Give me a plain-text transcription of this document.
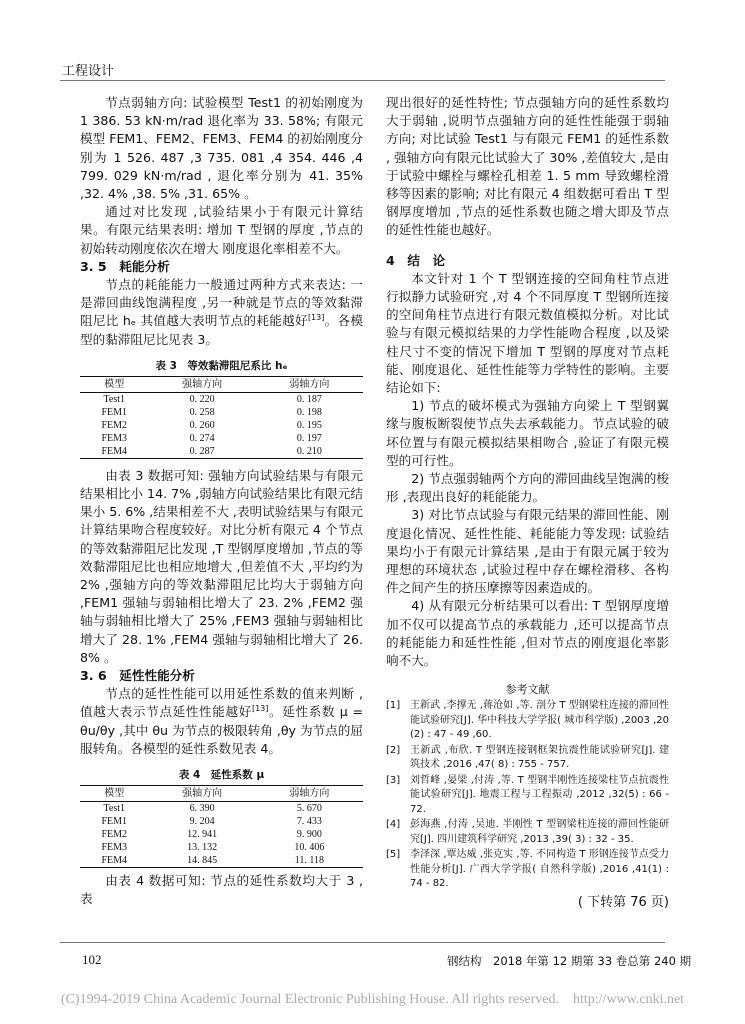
工程设计

节点弱轴方向: 试验模型 Test1 的初始刚度为 1 386. 53 kN·m/rad 退化率为 33. 58%; 有限元模型 FEM1、FEM2、FEM3、FEM4 的初始刚度分别为 1 526. 487 ,3 735. 081 ,4 354. 446 ,4 799. 029 kN·m/rad , 退化率分别为 41. 35% ,32. 4% ,38. 5% ,31. 65% 。

通过对比发现 ,试验结果小于有限元计算结果。有限元结果表明: 增加 T 型钢的厚度 ,节点的初始转动刚度依次在增大 刚度退化率相差不大。

3. 5　耗能分析

节点的耗能能力一般通过两种方式来表达: 一是滞回曲线饱满程度 ,另一种就是节点的等效黏滞阻尼比 hₑ 其值越大表明节点的耗能越好[13]。各模型的黏滞阻尼比见表 3。

表 3　等效黏滞阻尼系比 hₑ
模型	强轴方向	弱轴方向
Test1	0. 220	0. 187
FEM1	0. 258	0. 198
FEM2	0. 260	0. 195
FEM3	0. 274	0. 197
FEM4	0. 287	0. 210

由表 3 数据可知: 强轴方向试验结果与有限元结果相比小 14. 7% ,弱轴方向试验结果比有限元结果小 5. 6% ,结果相差不大 ,表明试验结果与有限元计算结果吻合程度较好。对比分析有限元 4 个节点的等效黏滞阻尼比发现 ,T 型钢厚度增加 ,节点的等效黏滞阻尼比也相应地增大 ,但差值不大 ,平均约为 2% ,强轴方向的等效黏滞阻尼比均大于弱轴方向 ,FEM1 强轴与弱轴相比增大了 23. 2% ,FEM2 强轴与弱轴相比增大了 25% ,FEM3 强轴与弱轴相比增大了 28. 1% ,FEM4 强轴与弱轴相比增大了 26. 8% 。

3. 6　延性性能分析

节点的延性性能可以用延性系数的值来判断 , 值越大表示节点延性性能越好[13]。延性系数 μ = θu/θy ,其中 θu 为节点的极限转角 ,θy 为节点的屈服转角。各模型的延性系数见表 4。

表 4　延性系数 μ
模型	强轴方向	弱轴方向
Test1	6. 390	5. 670
FEM1	9. 204	7. 433
FEM2	12. 941	9. 900
FEM3	13. 132	10. 406
FEM4	14. 845	11. 118

由表 4 数据可知: 节点的延性系数均大于 3 ,表

现出很好的延性特性; 节点强轴方向的延性系数均大于弱轴 ,说明节点强轴方向的延性性能强于弱轴方向; 对比试验 Test1 与有限元 FEM1 的延性系数 , 强轴方向有限元比试验大了 30% ,差值较大 ,是由于试验中螺栓与螺栓孔相差 1. 5 mm 导致螺栓滑移等因素的影响; 对比有限元 4 组数据可看出 T 型钢厚度增加 ,节点的延性系数也随之增大即及节点的延性性能也越好。

4　结　论

本文针对 1 个 T 型钢连接的空间角柱节点进行拟静力试验研究 ,对 4 个不同厚度 T 型钢所连接的空间角柱节点进行有限元数值模拟分析。对比试验与有限元模拟结果的力学性能吻合程度 ,以及梁柱尺寸不变的情况下增加 T 型钢的厚度对节点耗能、刚度退化、延性性能等力学特性的影响。主要结论如下:

1) 节点的破坏模式为强轴方向梁上 T 型钢翼缘与腹板断裂使节点失去承载能力。节点试验的破坏位置与有限元模拟结果相吻合 ,验证了有限元模型的可行性。

2) 节点强弱轴两个方向的滞回曲线呈饱满的梭形 ,表现出良好的耗能能力。

3) 对比节点试验与有限元结果的滞回性能、刚度退化情况、延性性能、耗能能力等发现: 试验结果均小于有限元计算结果 ,是由于有限元属于较为理想的环境状态 ,试验过程中存在螺栓滑移、各构件之间产生的挤压摩擦等因素造成的。

4) 从有限元分析结果可以看出: T 型钢厚度增加不仅可以提高节点的承载能力 ,还可以提高节点的耗能能力和延性性能 ,但对节点的刚度退化率影响不大。

参考文献
[1] 王新武 ,李撑无 ,蒋沧如 ,等. 剖分 T 型钢梁柱连接的滞回性能试验研究[J]. 华中科技大学学报( 城市科学版) ,2003 ,20 (2) : 47 - 49 ,60.
[2] 王新武 ,布欣. T 型钢连接钢框架抗震性能试验研究[J]. 建筑技术 ,2016 ,47( 8) : 755 - 757.
[3] 刘哲峰 ,晏梁 ,付涛 ,等. T 型钢半刚性连接梁柱节点抗震性能试验研究[J]. 地震工程与工程振动 ,2012 ,32(5) : 66 - 72.
[4] 彭海燕 ,付涛 ,吴迪. 半刚性 T 型钢梁柱连接的滞回性能研究[J]. 四川建筑科学研究 ,2013 ,39( 3) : 32 - 35.
[5] 李泽深 ,覃达威 ,张克实 ,等. 不同构造 T 形钢连接节点受力性能分析[J]. 广西大学学报( 自然科学版) ,2016 ,41(1) : 74 - 82.
( 下转第 76 页)
102	钢结构　2018 年第 12 期第 33 卷总第 240 期
(C)1994-2019 China Academic Journal Electronic Publishing House. All rights reserved.　http://www.cnki.net
